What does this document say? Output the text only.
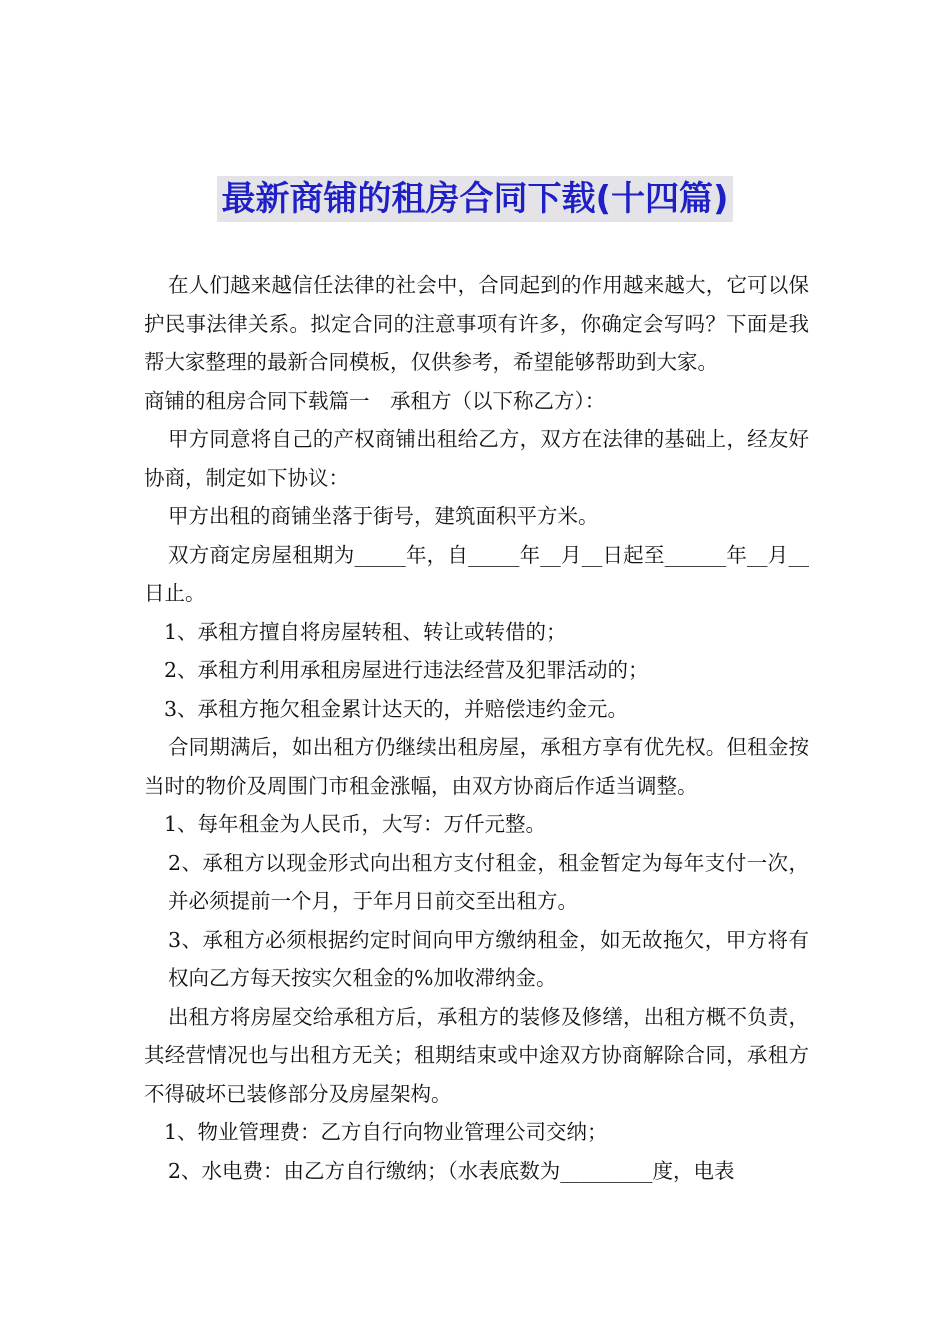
最新商铺的租房合同下载(十四篇)

在人们越来越信任法律的社会中，合同起到的作用越来越大，它可以保护民事法律关系。拟定合同的注意事项有许多，你确定会写吗？下面是我帮大家整理的最新合同模板，仅供参考，希望能够帮助到大家。

商铺的租房合同下载篇一　承租方（以下称乙方）：

甲方同意将自己的产权商铺出租给乙方，双方在法律的基础上，经友好协商，制定如下协议：

甲方出租的商铺坐落于街号，建筑面积平方米。

双方商定房屋租期为_____年，自_____年__月__日起至______年__月__日止。

1、承租方擅自将房屋转租、转让或转借的；

2、承租方利用承租房屋进行违法经营及犯罪活动的；

3、承租方拖欠租金累计达天的，并赔偿违约金元。

合同期满后，如出租方仍继续出租房屋，承租方享有优先权。但租金按当时的物价及周围门市租金涨幅，由双方协商后作适当调整。

1、每年租金为人民币，大写：万仟元整。

2、承租方以现金形式向出租方支付租金，租金暂定为每年支付一次，并必须提前一个月，于年月日前交至出租方。

3、承租方必须根据约定时间向甲方缴纳租金，如无故拖欠，甲方将有权向乙方每天按实欠租金的%加收滞纳金。

出租方将房屋交给承租方后，承租方的装修及修缮，出租方概不负责，其经营情况也与出租方无关；租期结束或中途双方协商解除合同，承租方不得破坏已装修部分及房屋架构。

1、物业管理费：乙方自行向物业管理公司交纳；

2、水电费：由乙方自行缴纳；（水表底数为_________度，电表
